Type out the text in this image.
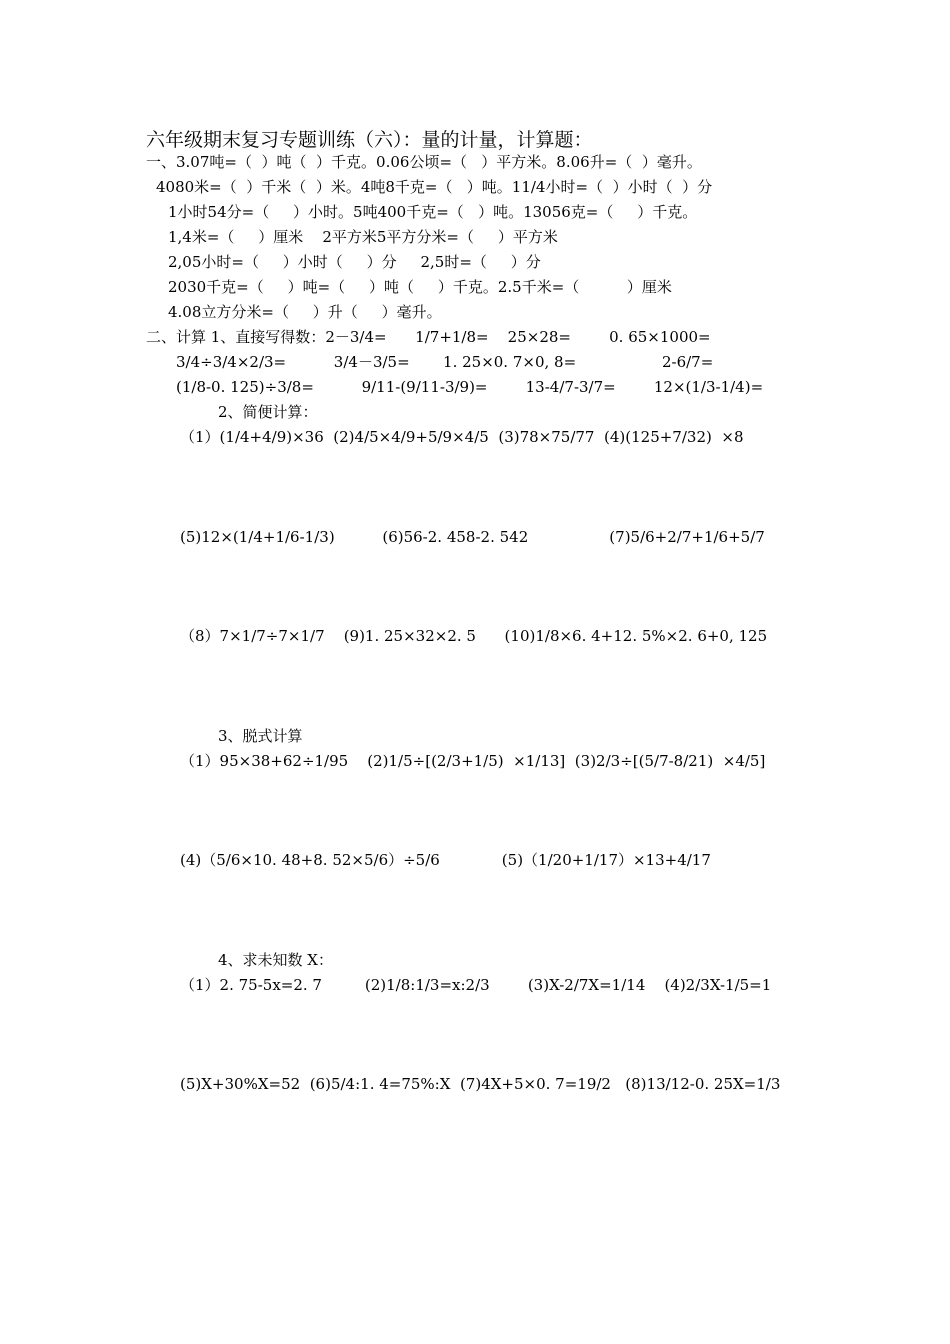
六年级期末复习专题训练（六）：量的计量，计算题：
一、3.07吨=（  ）吨（  ）千克。0.06公顷=（   ）平方米。8.06升=（  ）毫升。
4080米=（  ）千米（  ）米。4吨8千克=（   ）吨。11/4小时=（  ）小时（  ）分
1小时54分=（     ）小时。5吨400千克=（   ）吨。13056克=（     ）千克。
1,4米=（     ）厘米    2平方米5平方分米=（     ）平方米
2,05小时=（     ）小时（     ）分     2,5时=（     ）分
2030千克=（     ）吨=（     ）吨（     ）千克。2.5千米=（          ）厘米
4.08立方分米=（     ）升（     ）毫升。
二、计算 1、直接写得数：2－3/4=      1/7+1/8=    25×28=        0. 65×1000=
3/4÷3/4×2/3=          3/4－3/5=       1. 25×0. 7×0, 8=                  2-6/7=
(1/8-0. 125)÷3/8=          9/11-(9/11-3/9)=        13-4/7-3/7=        12×(1/3-1/4)=
2、简便计算：
（1）(1/4+4/9)×36  (2)4/5×4/9+5/9×4/5  (3)78×75/77  (4)(125+7/32)  ×8
(5)12×(1/4+1/6-1/3)          (6)56-2. 458-2. 542                 (7)5/6+2/7+1/6+5/7
（8）7×1/7÷7×1/7    (9)1. 25×32×2. 5      (10)1/8×6. 4+12. 5%×2. 6+0, 125
3、脱式计算
（1）95×38+62÷1/95    (2)1/5÷[(2/3+1/5)  ×1/13]  (3)2/3÷[(5/7-8/21)  ×4/5]
(4)（5/6×10. 48+8. 52×5/6）÷5/6             (5)（1/20+1/17）×13+4/17
4、求未知数 X：
（1）2. 75-5x=2. 7         (2)1/8:1/3=x:2/3        (3)X-2/7X=1/14    (4)2/3X-1/5=1
(5)X+30%X=52  (6)5/4:1. 4=75%:X  (7)4X+5×0. 7=19/2   (8)13/12-0. 25X=1/3
